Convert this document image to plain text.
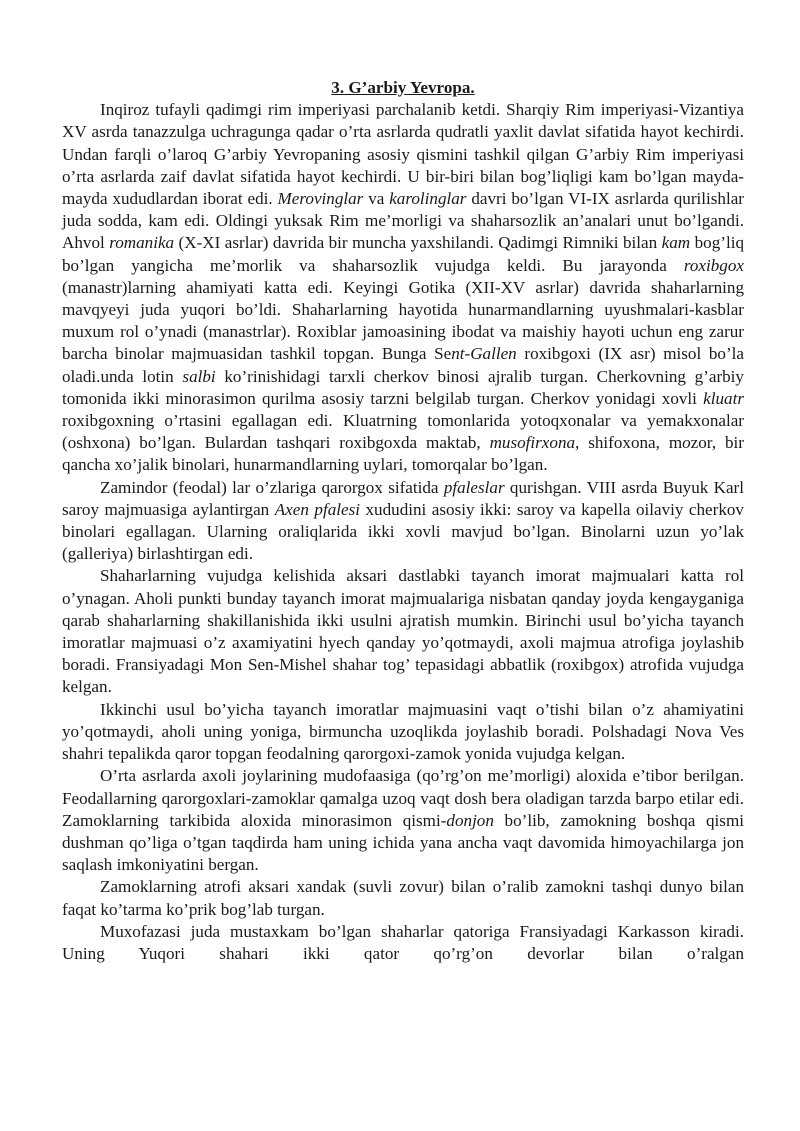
3. G’arbiy Yevropa.

Inqiroz tufayli qadimgi rim imperiyasi parchalanib ketdi. Sharqiy Rim imperiyasi-Vizantiya XV asrda tanazzulga uchragunga qadar o’rta asrlarda qudratli yaxlit davlat sifatida hayot kechirdi. Undan farqli o’laroq G’arbiy Yevropaning asosiy qismini tashkil qilgan G’arbiy Rim imperiyasi o’rta asrlarda zaif davlat sifatida hayot kechirdi. U bir-biri bilan bog’liqligi kam bo’lgan mayda-mayda xududlardan iborat edi. Merovinglar va karolinglar davri bo’lgan VI-IX asrlarda qurilishlar juda sodda, kam edi. Oldingi yuksak Rim me’morligi va shaharsozlik an’analari unut bo’lgandi. Ahvol romanika (X-XI asrlar) davrida bir muncha yaxshilandi. Qadimgi Rimniki bilan kam bog’liq bo’lgan yangicha me’morlik va shaharsozlik vujudga keldi. Bu jarayonda roxibgox (manastr)larning ahamiyati katta edi. Keyingi Gotika (XII-XV asrlar) davrida shaharlarning mavqyeyi juda yuqori bo’ldi. Shaharlarning hayotida hunarmandlarning uyushmalari-kasblar muxum rol o’ynadi (manastrlar). Roxiblar jamoasining ibodat va maishiy hayoti uchun eng zarur barcha binolar majmuasidan tashkil topgan. Bunga Sent-Gallen roxibgoxi (IX asr) misol bo’la oladi.unda lotin salbi ko’rinishidagi tarxli cherkov binosi ajralib turgan. Cherkovning g’arbiy tomonida ikki minorasimon qurilma asosiy tarzni belgilab turgan. Cherkov yonidagi xovli kluatr roxibgoxning o’rtasini egallagan edi. Kluatrning tomonlarida yotoqxonalar va yemakxonalar (oshxona) bo’lgan. Bulardan tashqari roxibgoxda maktab, musofirxona, shifoxona, mozor, bir qancha xo’jalik binolari, hunarmandlarning uylari, tomorqalar bo’lgan.

Zamindor (feodal) lar o’zlariga qarorgox sifatida pfaleslar qurishgan. VIII asrda Buyuk Karl saroy majmuasiga aylantirgan Axen pfalesi xududini asosiy ikki: saroy va kapella oilaviy cherkov binolari egallagan. Ularning oraliqlarida ikki xovli mavjud bo’lgan. Binolarni uzun yo’lak (galleriya) birlashtirgan edi.

Shaharlarning vujudga kelishida aksari dastlabki tayanch imorat majmualari katta rol o’ynagan. Aholi punkti bunday tayanch imorat majmualariga nisbatan qanday joyda kengayganiga qarab shaharlarning shakillanishida ikki usulni ajratish mumkin. Birinchi usul bo’yicha tayanch imoratlar majmuasi o’z axamiyatini hyech qanday yo’qotmaydi, axoli majmua atrofiga joylashib boradi. Fransiyadagi Mon Sen-Mishel shahar tog’ tepasidagi abbatlik (roxibgox) atrofida vujudga kelgan.

Ikkinchi usul bo’yicha tayanch imoratlar majmuasini vaqt o’tishi bilan o’z ahamiyatini yo’qotmaydi, aholi uning yoniga, birmuncha uzoqlikda joylashib boradi. Polshadagi Nova Ves shahri tepalikda qaror topgan feodalning qarorgoxi-zamok yonida vujudga kelgan.

O’rta asrlarda axoli joylarining mudofaasiga (qo’rg’on me’morligi) aloxida e’tibor berilgan. Feodallarning qarorgoxlari-zamoklar qamalga uzoq vaqt dosh bera oladigan tarzda barpo etilar edi. Zamoklarning tarkibida aloxida minorasimon qismi-donjon bo’lib, zamokning boshqa qismi dushman qo’liga o’tgan taqdirda ham uning ichida yana ancha vaqt davomida himoyachilarga jon saqlash imkoniyatini bergan.

Zamoklarning atrofi aksari xandak (suvli zovur) bilan o’ralib zamokni tashqi dunyo bilan faqat ko’tarma ko’prik bog’lab turgan.

Muxofazasi juda mustaxkam bo’lgan shaharlar qatoriga Fransiyadagi Karkasson kiradi. Uning Yuqori shahari ikki qator qo’rg’on devorlar bilan o’ralgan
